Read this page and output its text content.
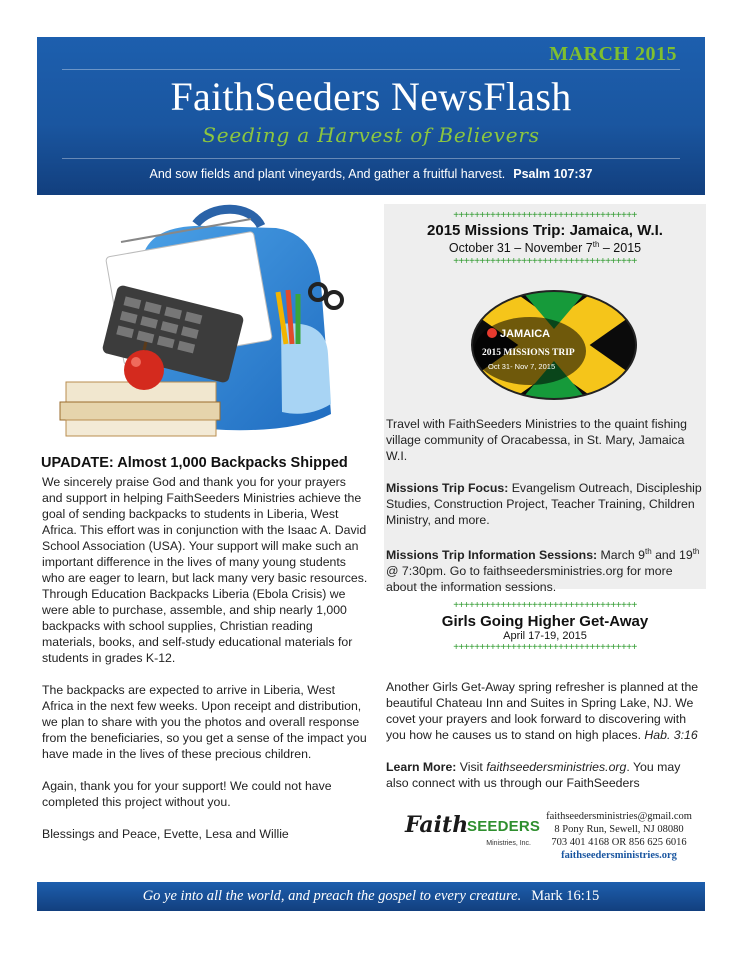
MARCH 2015
FaithSeeders NewsFlash
Seeding a Harvest of Believers
And sow fields and plant vineyards, And gather a fruitful harvest. Psalm 107:37
UPADATE: Almost 1,000 Backpacks Shipped

We sincerely praise God and thank you for your prayers and support in helping FaithSeeders Ministries achieve the goal of sending backpacks to students in Liberia, West Africa. This effort was in conjunction with the Isaac A. David School Association (USA). Your support will make such an important difference in the lives of many young students who are eager to learn, but lack many very basic resources. Through Education Backpacks Liberia (Ebola Crisis) we were able to purchase, assemble, and ship nearly 1,000 backpacks with school supplies, Christian reading materials, books, and self-study educational materials for students in grades K-12.

The backpacks are expected to arrive in Liberia, West Africa in the next few weeks. Upon receipt and distribution, we plan to share with you the photos and overall response from the beneficiaries, so you get a sense of the impact you have made in the lives of these precious children.

Again, thank you for your support! We could not have completed this project without you.

Blessings and Peace, Evette, Lesa and Willie

+++++++++++++++++++++++++++++++++++
2015 Missions Trip: Jamaica, W.I.
October 31 – November 7th – 2015
+++++++++++++++++++++++++++++++++++

Travel with FaithSeeders Ministries to the quaint fishing village community of Oracabessa, in St. Mary, Jamaica W.I.

Missions Trip Focus: Evangelism Outreach, Discipleship Studies, Construction Project, Teacher Training, Children Ministry, and more.

Missions Trip Information Sessions: March 9th and 19th @ 7:30pm. Go to faithseedersministries.org for more about the information sessions.

JAMAICA
2015 MISSIONS TRIP
Oct 31- Nov 7, 2015
+++++++++++++++++++++++++++++++++++
Girls Going Higher Get-Away
April 17-19, 2015
+++++++++++++++++++++++++++++++++++

Another Girls Get-Away spring refresher is planned at the beautiful Chateau Inn and Suites in Spring Lake, NJ. We covet your prayers and look forward to discovering with you how he causes us to stand on high places. Hab. 3:16

Learn More: Visit faithseedersministries.org. You may also connect with us through our FaithSeeders

Faith
SEEDERS
Ministries, Inc.
faithseedersministries@gmail.com
8 Pony Run, Sewell, NJ 08080
703 401 4168 OR 856 625 6016
faithseedersministries.org
Go ye into all the world, and preach the gospel to every creature. Mark 16:15
